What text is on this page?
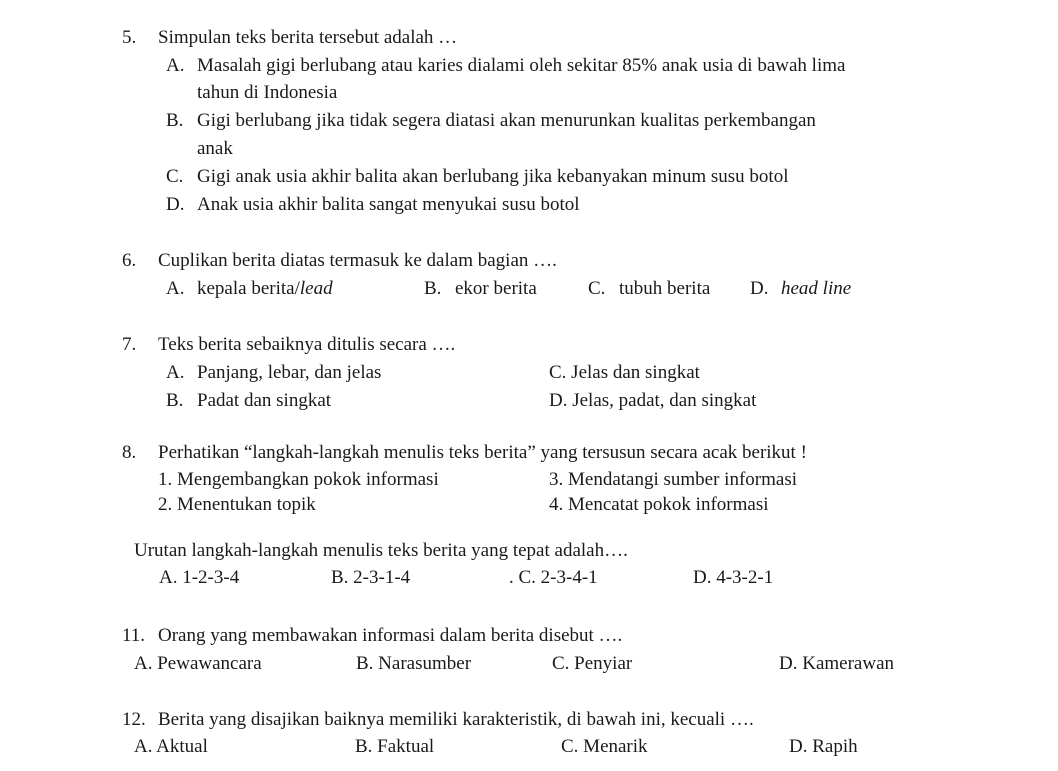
5. Simpulan teks berita tersebut adalah …
A. Masalah gigi berlubang atau karies dialami oleh sekitar 85% anak usia di bawah lima
tahun di Indonesia
B. Gigi berlubang jika tidak segera diatasi akan menurunkan kualitas perkembangan
anak
C. Gigi anak usia akhir balita akan berlubang jika kebanyakan minum susu botol
D. Anak usia akhir balita sangat menyukai susu botol
6. Cuplikan berita diatas termasuk ke dalam bagian ….
A. kepala berita/lead	B. ekor berita	C. tubuh berita D. head line
7. Teks berita sebaiknya ditulis secara ….
A. Panjang, lebar, dan jelas	C. Jelas dan singkat
B. Padat dan singkat	D. Jelas, padat, dan singkat
8. Perhatikan “langkah-langkah menulis teks berita” yang tersusun secara acak berikut !
1. Mengembangkan pokok informasi	3. Mendatangi sumber informasi
2. Menentukan topik	4. Mencatat pokok informasi
Urutan langkah-langkah menulis teks berita yang tepat adalah….
A. 1-2-3-4	B. 2-3-1-4	. C. 2-3-4-1	D. 4-3-2-1
11. Orang yang membawakan informasi dalam berita disebut ….
A. Pewawancara	B. Narasumber	C. Penyiar	D. Kamerawan
12. Berita yang disajikan baiknya memiliki karakteristik, di bawah ini, kecuali ….
A. Aktual	B. Faktual	C. Menarik	D. Rapih
